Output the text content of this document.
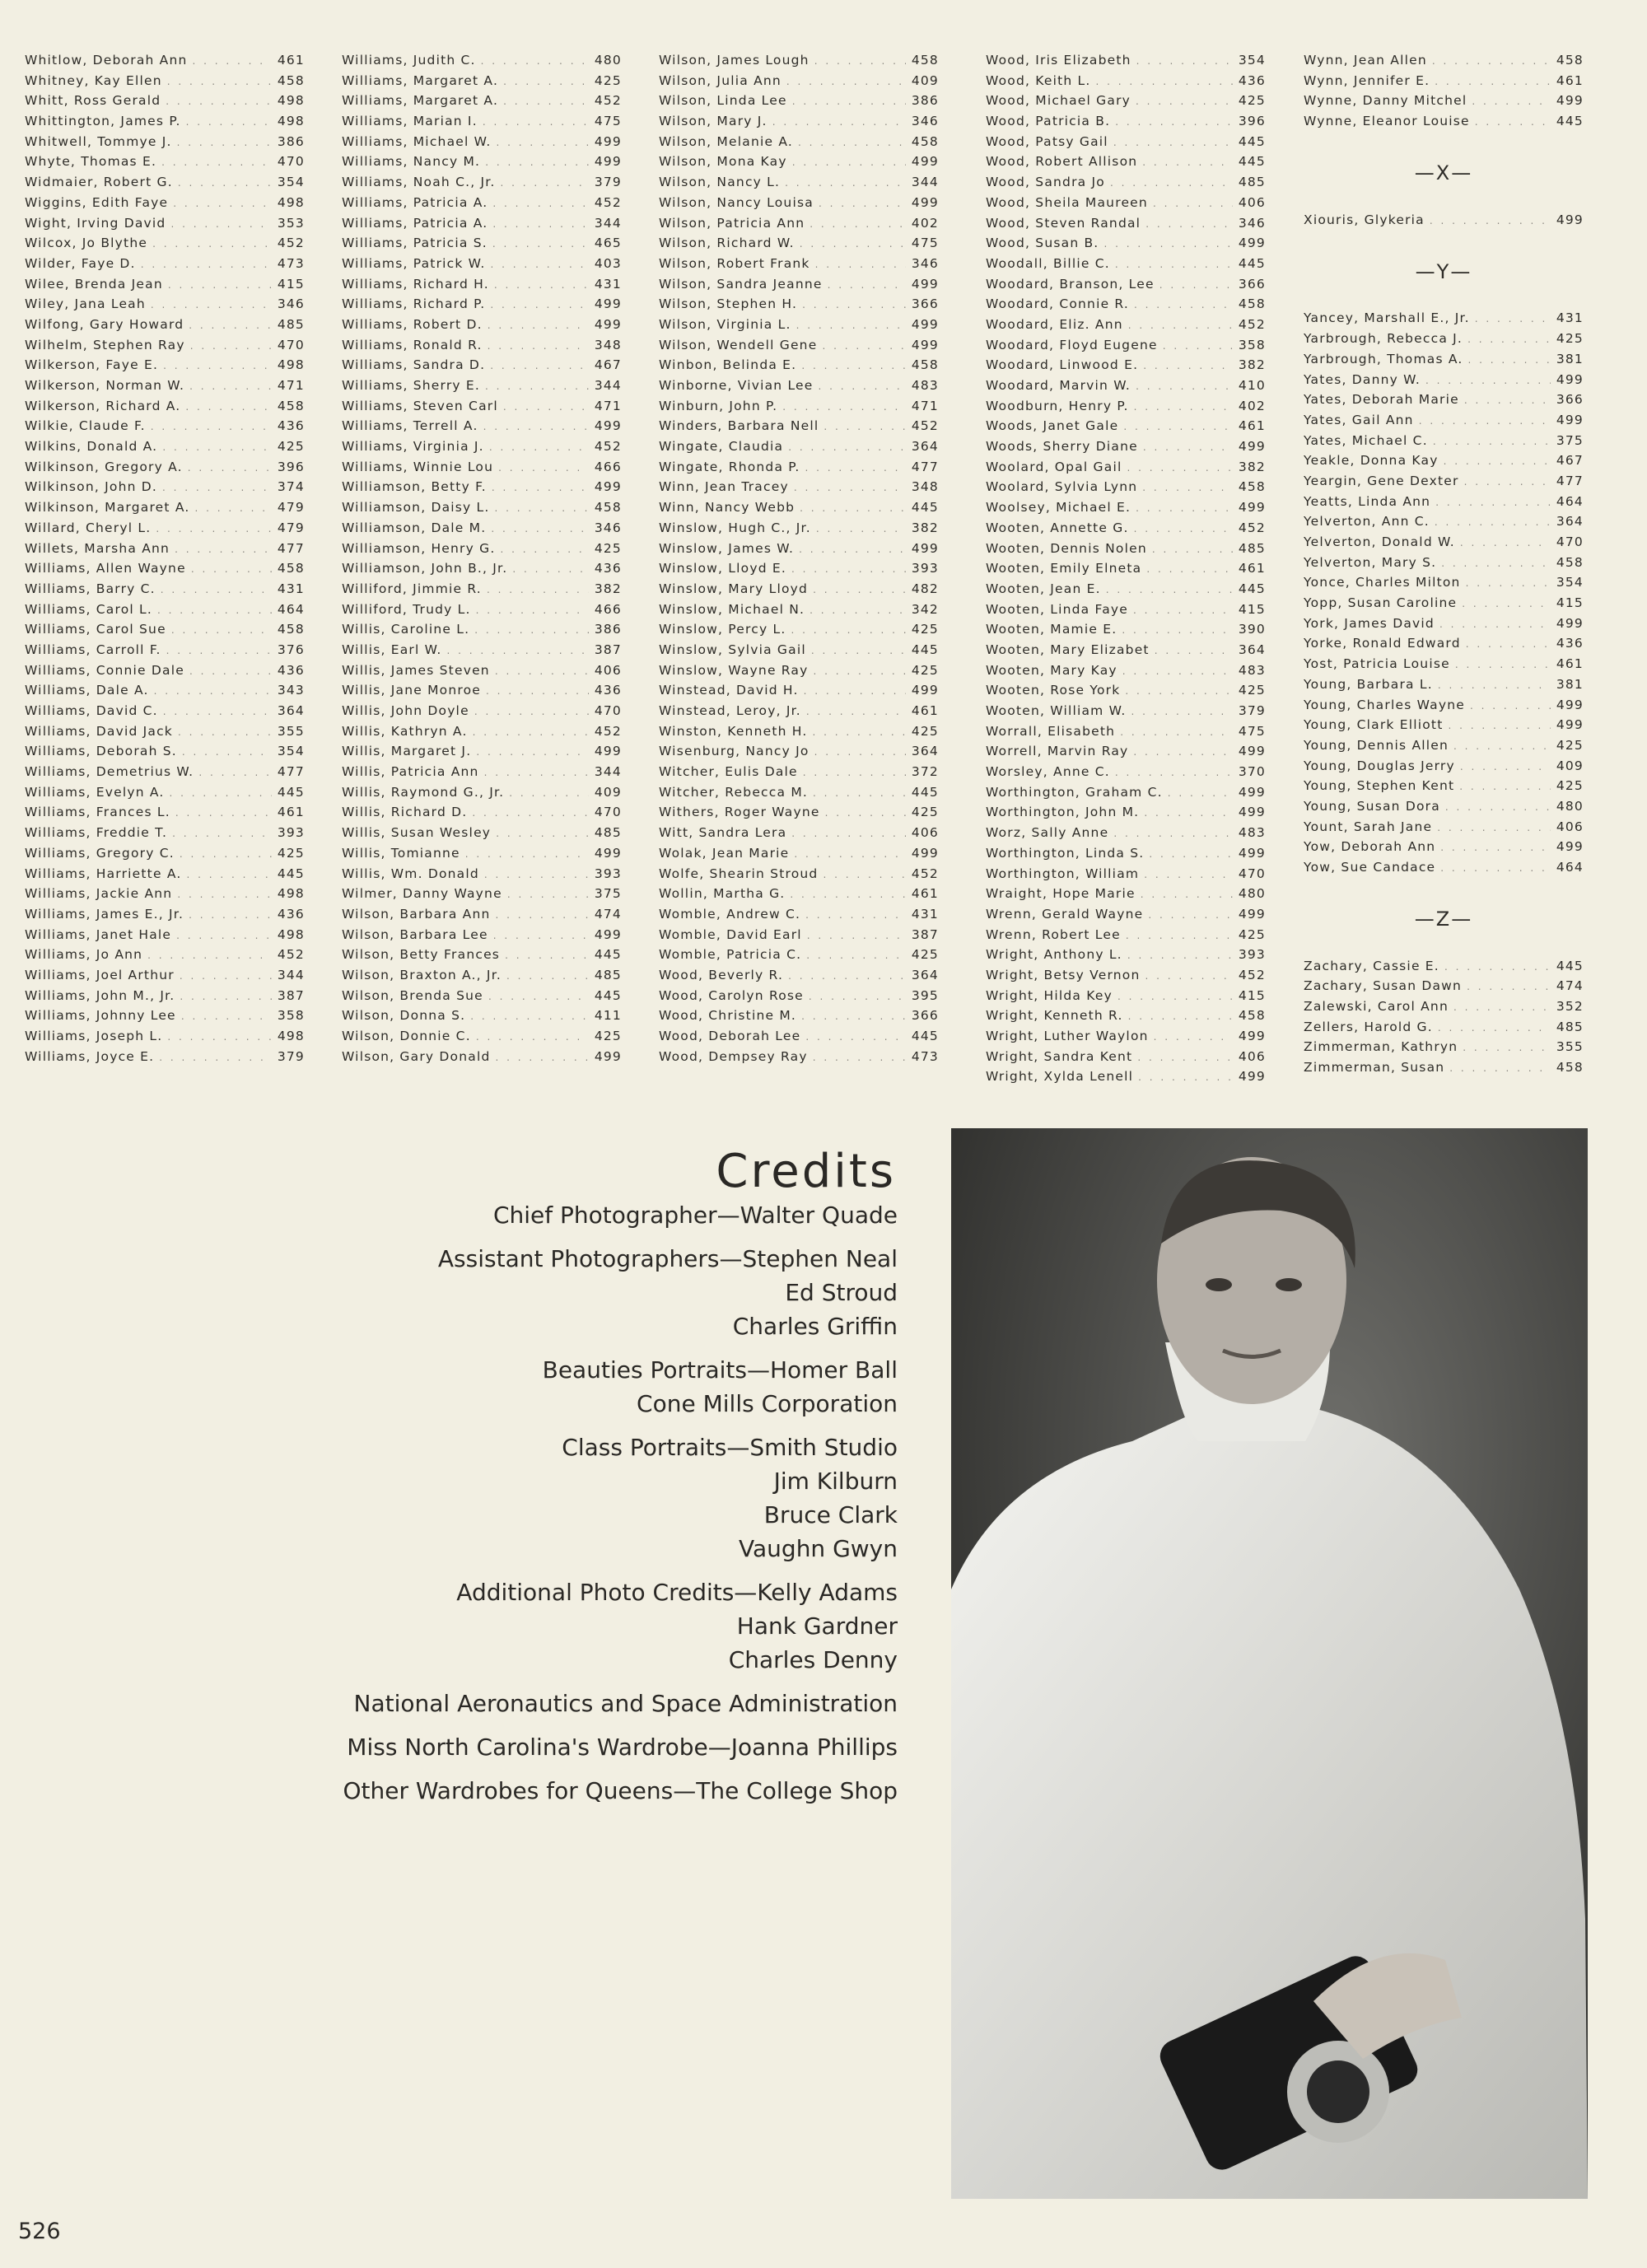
Whitlow, Deborah Ann . . .	461
Whitney, Kay Ellen . . .	458
Whitt, Ross Gerald . . .	498
Whittington, James P. . . .	498
Whitwell, Tommye J. . . .	386
Whyte, Thomas E. . . .	470
Widmaier, Robert G. . . .	354
Wiggins, Edith Faye . . .	498
Wight, Irving David . . .	353
Wilcox, Jo Blythe . . .	452
Wilder, Faye D. . . .	473
Wilee, Brenda Jean . . .	415
Wiley, Jana Leah . . .	346
Wilfong, Gary Howard . . .	485
Wilhelm, Stephen Ray . . .	470
Wilkerson, Faye E. . . .	498
Wilkerson, Norman W. . . .	471
Wilkerson, Richard A. . . .	458
Wilkie, Claude F. . . .	436
Wilkins, Donald A. . . .	425
Wilkinson, Gregory A. . . .	396
Wilkinson, John D. . . .	374
Wilkinson, Margaret A. . . .	479
Willard, Cheryl L. . . .	479
Willets, Marsha Ann . . .	477
Williams, Allen Wayne . . .	458
Williams, Barry C. . . .	431
Williams, Carol L. . . .	464
Williams, Carol Sue . . .	458
Williams, Carroll F. . . .	376
Williams, Connie Dale . . .	436
Williams, Dale A. . . .	343
Williams, David C. . . .	364
Williams, David Jack . . .	355
Williams, Deborah S. . . .	354
Williams, Demetrius W. . . .	477
Williams, Evelyn A. . . .	445
Williams, Frances L. . . .	461
Williams, Freddie T. . . .	393
Williams, Gregory C. . . .	425
Williams, Harriette A. . . .	445
Williams, Jackie Ann . . .	498
Williams, James E., Jr. . . .	436
Williams, Janet Hale . . .	498
Williams, Jo Ann . . .	452
Williams, Joel Arthur . . .	344
Williams, John M., Jr. . . .	387
Williams, Johnny Lee . . .	358
Williams, Joseph L. . . .	498
Williams, Joyce E. . . .	379
Williams, Judith C. . . .	480
Williams, Margaret A. . . .	425
Williams, Margaret A. . . .	452
Williams, Marian I. . . .	475
Williams, Michael W. . . .	499
Williams, Nancy M. . . .	499
Williams, Noah C., Jr. . . .	379
Williams, Patricia A. . . .	452
Williams, Patricia A. . . .	344
Williams, Patricia S. . . .	465
Williams, Patrick W. . . .	403
Williams, Richard H. . . .	431
Williams, Richard P. . . .	499
Williams, Robert D. . . .	499
Williams, Ronald R. . . .	348
Williams, Sandra D. . . .	467
Williams, Sherry E. . . .	344
Williams, Steven Carl . . .	471
Williams, Terrell A. . . .	499
Williams, Virginia J. . . .	452
Williams, Winnie Lou . . .	466
Williamson, Betty F. . . .	499
Williamson, Daisy L. . . .	458
Williamson, Dale M. . . .	346
Williamson, Henry G. . . .	425
Williamson, John B., Jr. . . .	436
Williford, Jimmie R. . . .	382
Williford, Trudy L. . . .	466
Willis, Caroline L. . . .	386
Willis, Earl W. . . .	387
Willis, James Steven . . .	406
Willis, Jane Monroe . . .	436
Willis, John Doyle . . .	470
Willis, Kathryn A. . . .	452
Willis, Margaret J. . . .	499
Willis, Patricia Ann . . .	344
Willis, Raymond G., Jr. . . .	409
Willis, Richard D. . . .	470
Willis, Susan Wesley . . .	485
Willis, Tomianne . . .	499
Willis, Wm. Donald . . .	393
Wilmer, Danny Wayne . . .	375
Wilson, Barbara Ann . . .	474
Wilson, Barbara Lee . . .	499
Wilson, Betty Frances . . .	445
Wilson, Braxton A., Jr. . . .	485
Wilson, Brenda Sue . . .	445
Wilson, Donna S. . . .	411
Wilson, Donnie C. . . .	425
Wilson, Gary Donald . . .	499
Wilson, James Lough . . .	458
Wilson, Julia Ann . . .	409
Wilson, Linda Lee . . .	386
Wilson, Mary J. . . .	346
Wilson, Melanie A. . . .	458
Wilson, Mona Kay . . .	499
Wilson, Nancy L. . . .	344
Wilson, Nancy Louisa . . .	499
Wilson, Patricia Ann . . .	402
Wilson, Richard W. . . .	475
Wilson, Robert Frank . . .	346
Wilson, Sandra Jeanne . . .	499
Wilson, Stephen H. . . .	366
Wilson, Virginia L. . . .	499
Wilson, Wendell Gene . . .	499
Winbon, Belinda E. . . .	458
Winborne, Vivian Lee . . .	483
Winburn, John P. . . .	471
Winders, Barbara Nell . . .	452
Wingate, Claudia . . .	364
Wingate, Rhonda P. . . .	477
Winn, Jean Tracey . . .	348
Winn, Nancy Webb . . .	445
Winslow, Hugh C., Jr. . . .	382
Winslow, James W. . . .	499
Winslow, Lloyd E. . . .	393
Winslow, Mary Lloyd . . .	482
Winslow, Michael N. . . .	342
Winslow, Percy L. . . .	425
Winslow, Sylvia Gail . . .	445
Winslow, Wayne Ray . . .	425
Winstead, David H. . . .	499
Winstead, Leroy, Jr. . . .	461
Winston, Kenneth H. . . .	425
Wisenburg, Nancy Jo . . .	364
Witcher, Eulis Dale . . .	372
Witcher, Rebecca M. . . .	445
Withers, Roger Wayne . . .	425
Witt, Sandra Lera . . .	406
Wolak, Jean Marie . . .	499
Wolfe, Shearin Stroud . . .	452
Wollin, Martha G. . . .	461
Womble, Andrew C. . . .	431
Womble, David Earl . . .	387
Womble, Patricia C. . . .	425
Wood, Beverly R. . . .	364
Wood, Carolyn Rose . . .	395
Wood, Christine M. . . .	366
Wood, Deborah Lee . . .	445
Wood, Dempsey Ray . . .	473
Wood, Iris Elizabeth . . .	354
Wood, Keith L. . . .	436
Wood, Michael Gary . . .	425
Wood, Patricia B. . . .	396
Wood, Patsy Gail . . .	445
Wood, Robert Allison . . .	445
Wood, Sandra Jo . . .	485
Wood, Sheila Maureen . . .	406
Wood, Steven Randal . . .	346
Wood, Susan B. . . .	499
Woodall, Billie C. . . .	445
Woodard, Branson, Lee . . .	366
Woodard, Connie R. . . .	458
Woodard, Eliz. Ann . . .	452
Woodard, Floyd Eugene . . .	358
Woodard, Linwood E. . . .	382
Woodard, Marvin W. . . .	410
Woodburn, Henry P. . . .	402
Woods, Janet Gale . . .	461
Woods, Sherry Diane . . .	499
Woolard, Opal Gail . . .	382
Woolard, Sylvia Lynn . . .	458
Woolsey, Michael E. . . .	499
Wooten, Annette G. . . .	452
Wooten, Dennis Nolen . . .	485
Wooten, Emily Elneta . . .	461
Wooten, Jean E. . . .	445
Wooten, Linda Faye . . .	415
Wooten, Mamie E. . . .	390
Wooten, Mary Elizabet . . .	364
Wooten, Mary Kay . . .	483
Wooten, Rose York . . .	425
Wooten, William W. . . .	379
Worrall, Elisabeth . . .	475
Worrell, Marvin Ray . . .	499
Worsley, Anne C. . . .	370
Worthington, Graham C. . . .	499
Worthington, John M. . . .	499
Worz, Sally Anne . . .	483
Worthington, Linda S. . . .	499
Worthington, William . . .	470
Wraight, Hope Marie . . .	480
Wrenn, Gerald Wayne . . .	499
Wrenn, Robert Lee . . .	425
Wright, Anthony L. . . .	393
Wright, Betsy Vernon . . .	452
Wright, Hilda Key . . .	415
Wright, Kenneth R. . . .	458
Wright, Luther Waylon . . .	499
Wright, Sandra Kent . . .	406
Wright, Xylda Lenell . . .	499
Wynn, Jean Allen . . .	458
Wynn, Jennifer E. . . .	461
Wynne, Danny Mitchel . . .	499
Wynne, Eleanor Louise . . .	445
—X—
Xiouris, Glykeria . . .	499
—Y—
Yancey, Marshall E., Jr. . . .	431
Yarbrough, Rebecca J. . . .	425
Yarbrough, Thomas A. . . .	381
Yates, Danny W. . . .	499
Yates, Deborah Marie . . .	366
Yates, Gail Ann . . .	499
Yates, Michael C. . . .	375
Yeakle, Donna Kay . . .	467
Yeargin, Gene Dexter . . .	477
Yeatts, Linda Ann . . .	464
Yelverton, Ann C. . . .	364
Yelverton, Donald W. . . .	470
Yelverton, Mary S. . . .	458
Yonce, Charles Milton . . .	354
Yopp, Susan Caroline . . .	415
York, James David . . .	499
Yorke, Ronald Edward . . .	436
Yost, Patricia Louise . . .	461
Young, Barbara L. . . .	381
Young, Charles Wayne . . .	499
Young, Clark Elliott . . .	499
Young, Dennis Allen . . .	425
Young, Douglas Jerry . . .	409
Young, Stephen Kent . . .	425
Young, Susan Dora . . .	480
Yount, Sarah Jane . . .	406
Yow, Deborah Ann . . .	499
Yow, Sue Candace . . .	464
—Z—
Zachary, Cassie E. . . .	445
Zachary, Susan Dawn . . .	474
Zalewski, Carol Ann . . .	352
Zellers, Harold G. . . .	485
Zimmerman, Kathryn . . .	355
Zimmerman, Susan . . .	458
Credits
Chief Photographer—Walter Quade
Assistant Photographers—Stephen Neal
Ed Stroud
Charles Griffin
Beauties Portraits—Homer Ball
Cone Mills Corporation
Class Portraits—Smith Studio
Jim Kilburn
Bruce Clark
Vaughn Gwyn
Additional Photo Credits—Kelly Adams
Hank Gardner
Charles Denny
National Aeronautics and Space Administration
Miss North Carolina's Wardrobe—Joanna Phillips
Other Wardrobes for Queens—The College Shop
526
